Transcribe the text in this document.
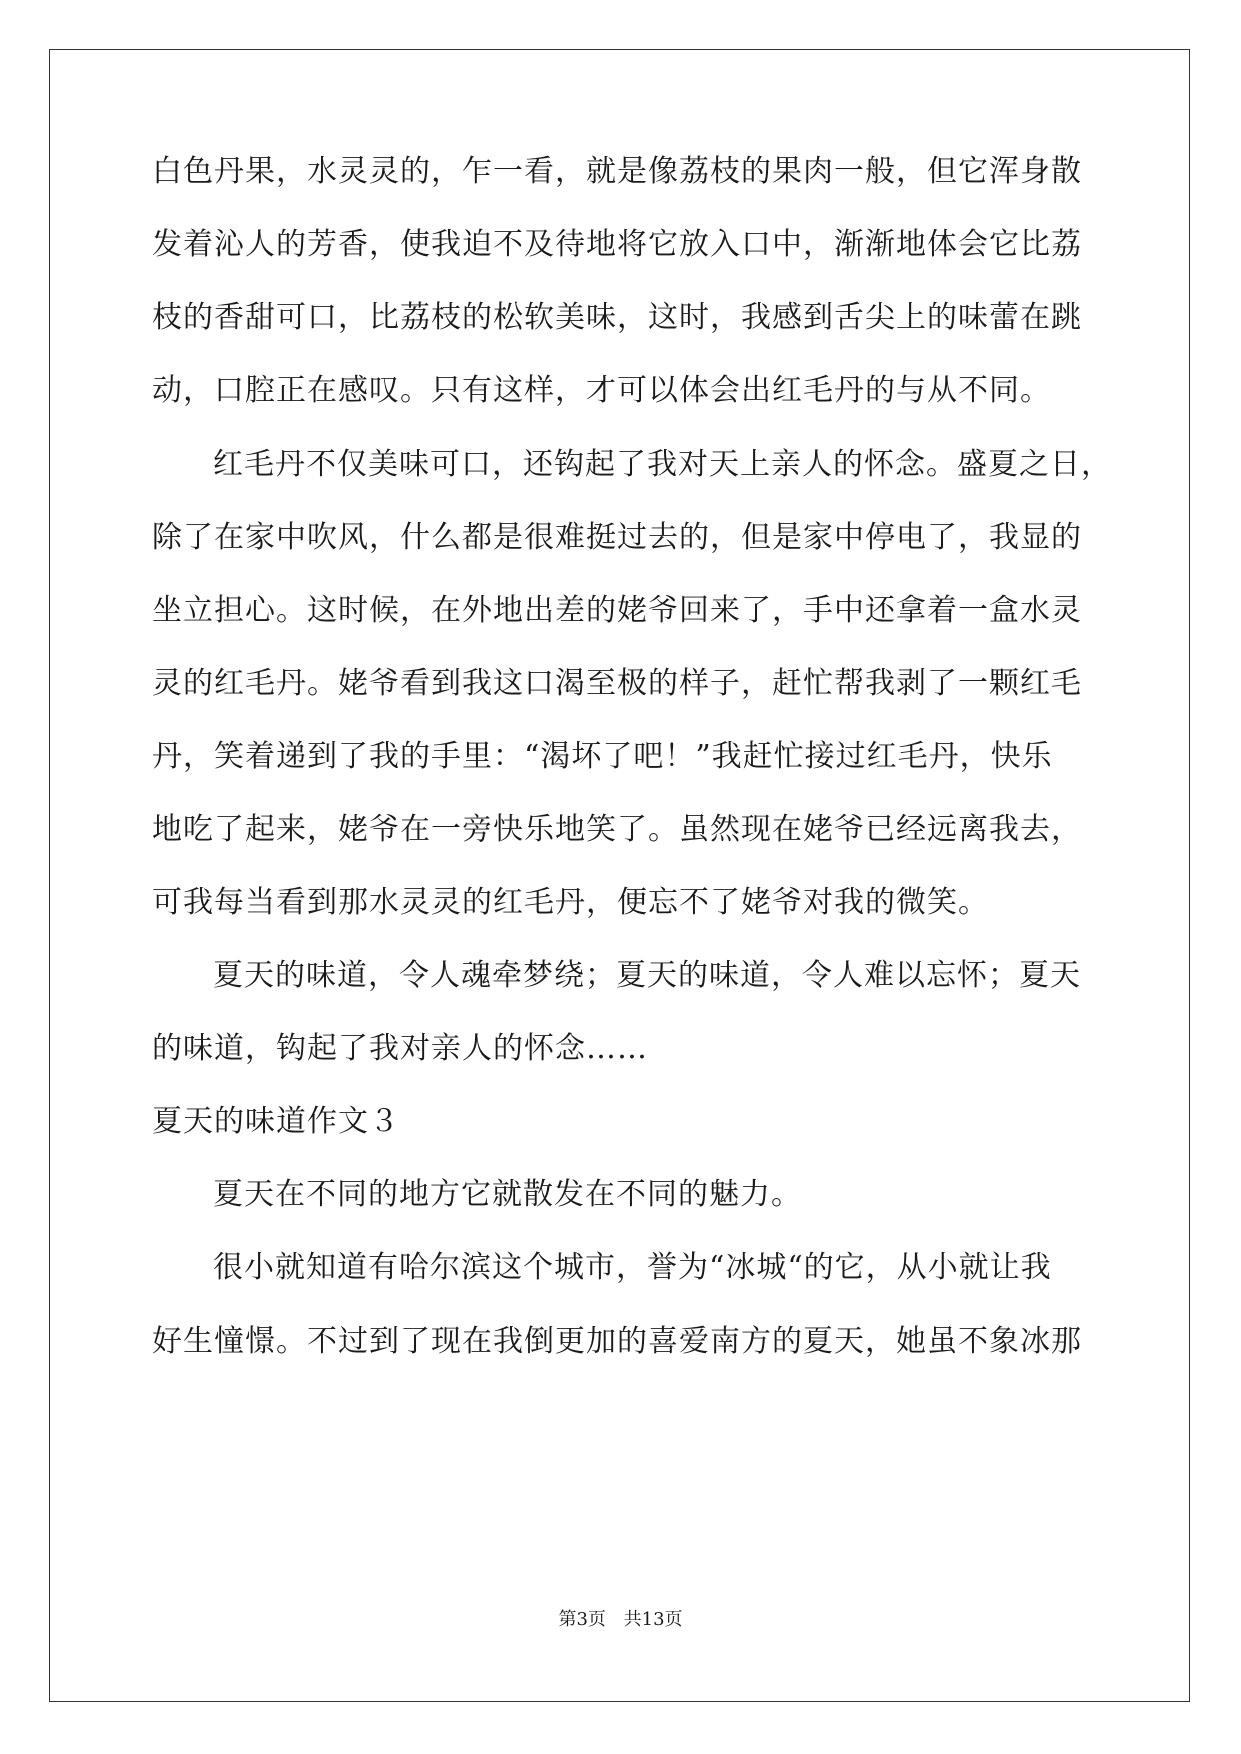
白色丹果，水灵灵的，乍一看，就是像荔枝的果肉一般，但它浑身散
发着沁人的芳香，使我迫不及待地将它放入口中，渐渐地体会它比荔
枝的香甜可口，比荔枝的松软美味，这时，我感到舌尖上的味蕾在跳
动，口腔正在感叹。只有这样，才可以体会出红毛丹的与从不同。
红毛丹不仅美味可口，还钩起了我对天上亲人的怀念。盛夏之日，
除了在家中吹风，什么都是很难挺过去的，但是家中停电了，我显的
坐立担心。这时候，在外地出差的姥爷回来了，手中还拿着一盒水灵
灵的红毛丹。姥爷看到我这口渴至极的样子，赶忙帮我剥了一颗红毛
丹，笑着递到了我的手里：“渴坏了吧！”我赶忙接过红毛丹，快乐
地吃了起来，姥爷在一旁快乐地笑了。虽然现在姥爷已经远离我去，
可我每当看到那水灵灵的红毛丹，便忘不了姥爷对我的微笑。
夏天的味道，令人魂牵梦绕；夏天的味道，令人难以忘怀；夏天
的味道，钩起了我对亲人的怀念……
夏天的味道作文３
夏天在不同的地方它就散发在不同的魅力。
很小就知道有哈尔滨这个城市，誉为“冰城“的它，从小就让我
好生憧憬。不过到了现在我倒更加的喜爱南方的夏天，她虽不象冰那
第3页 共13页
